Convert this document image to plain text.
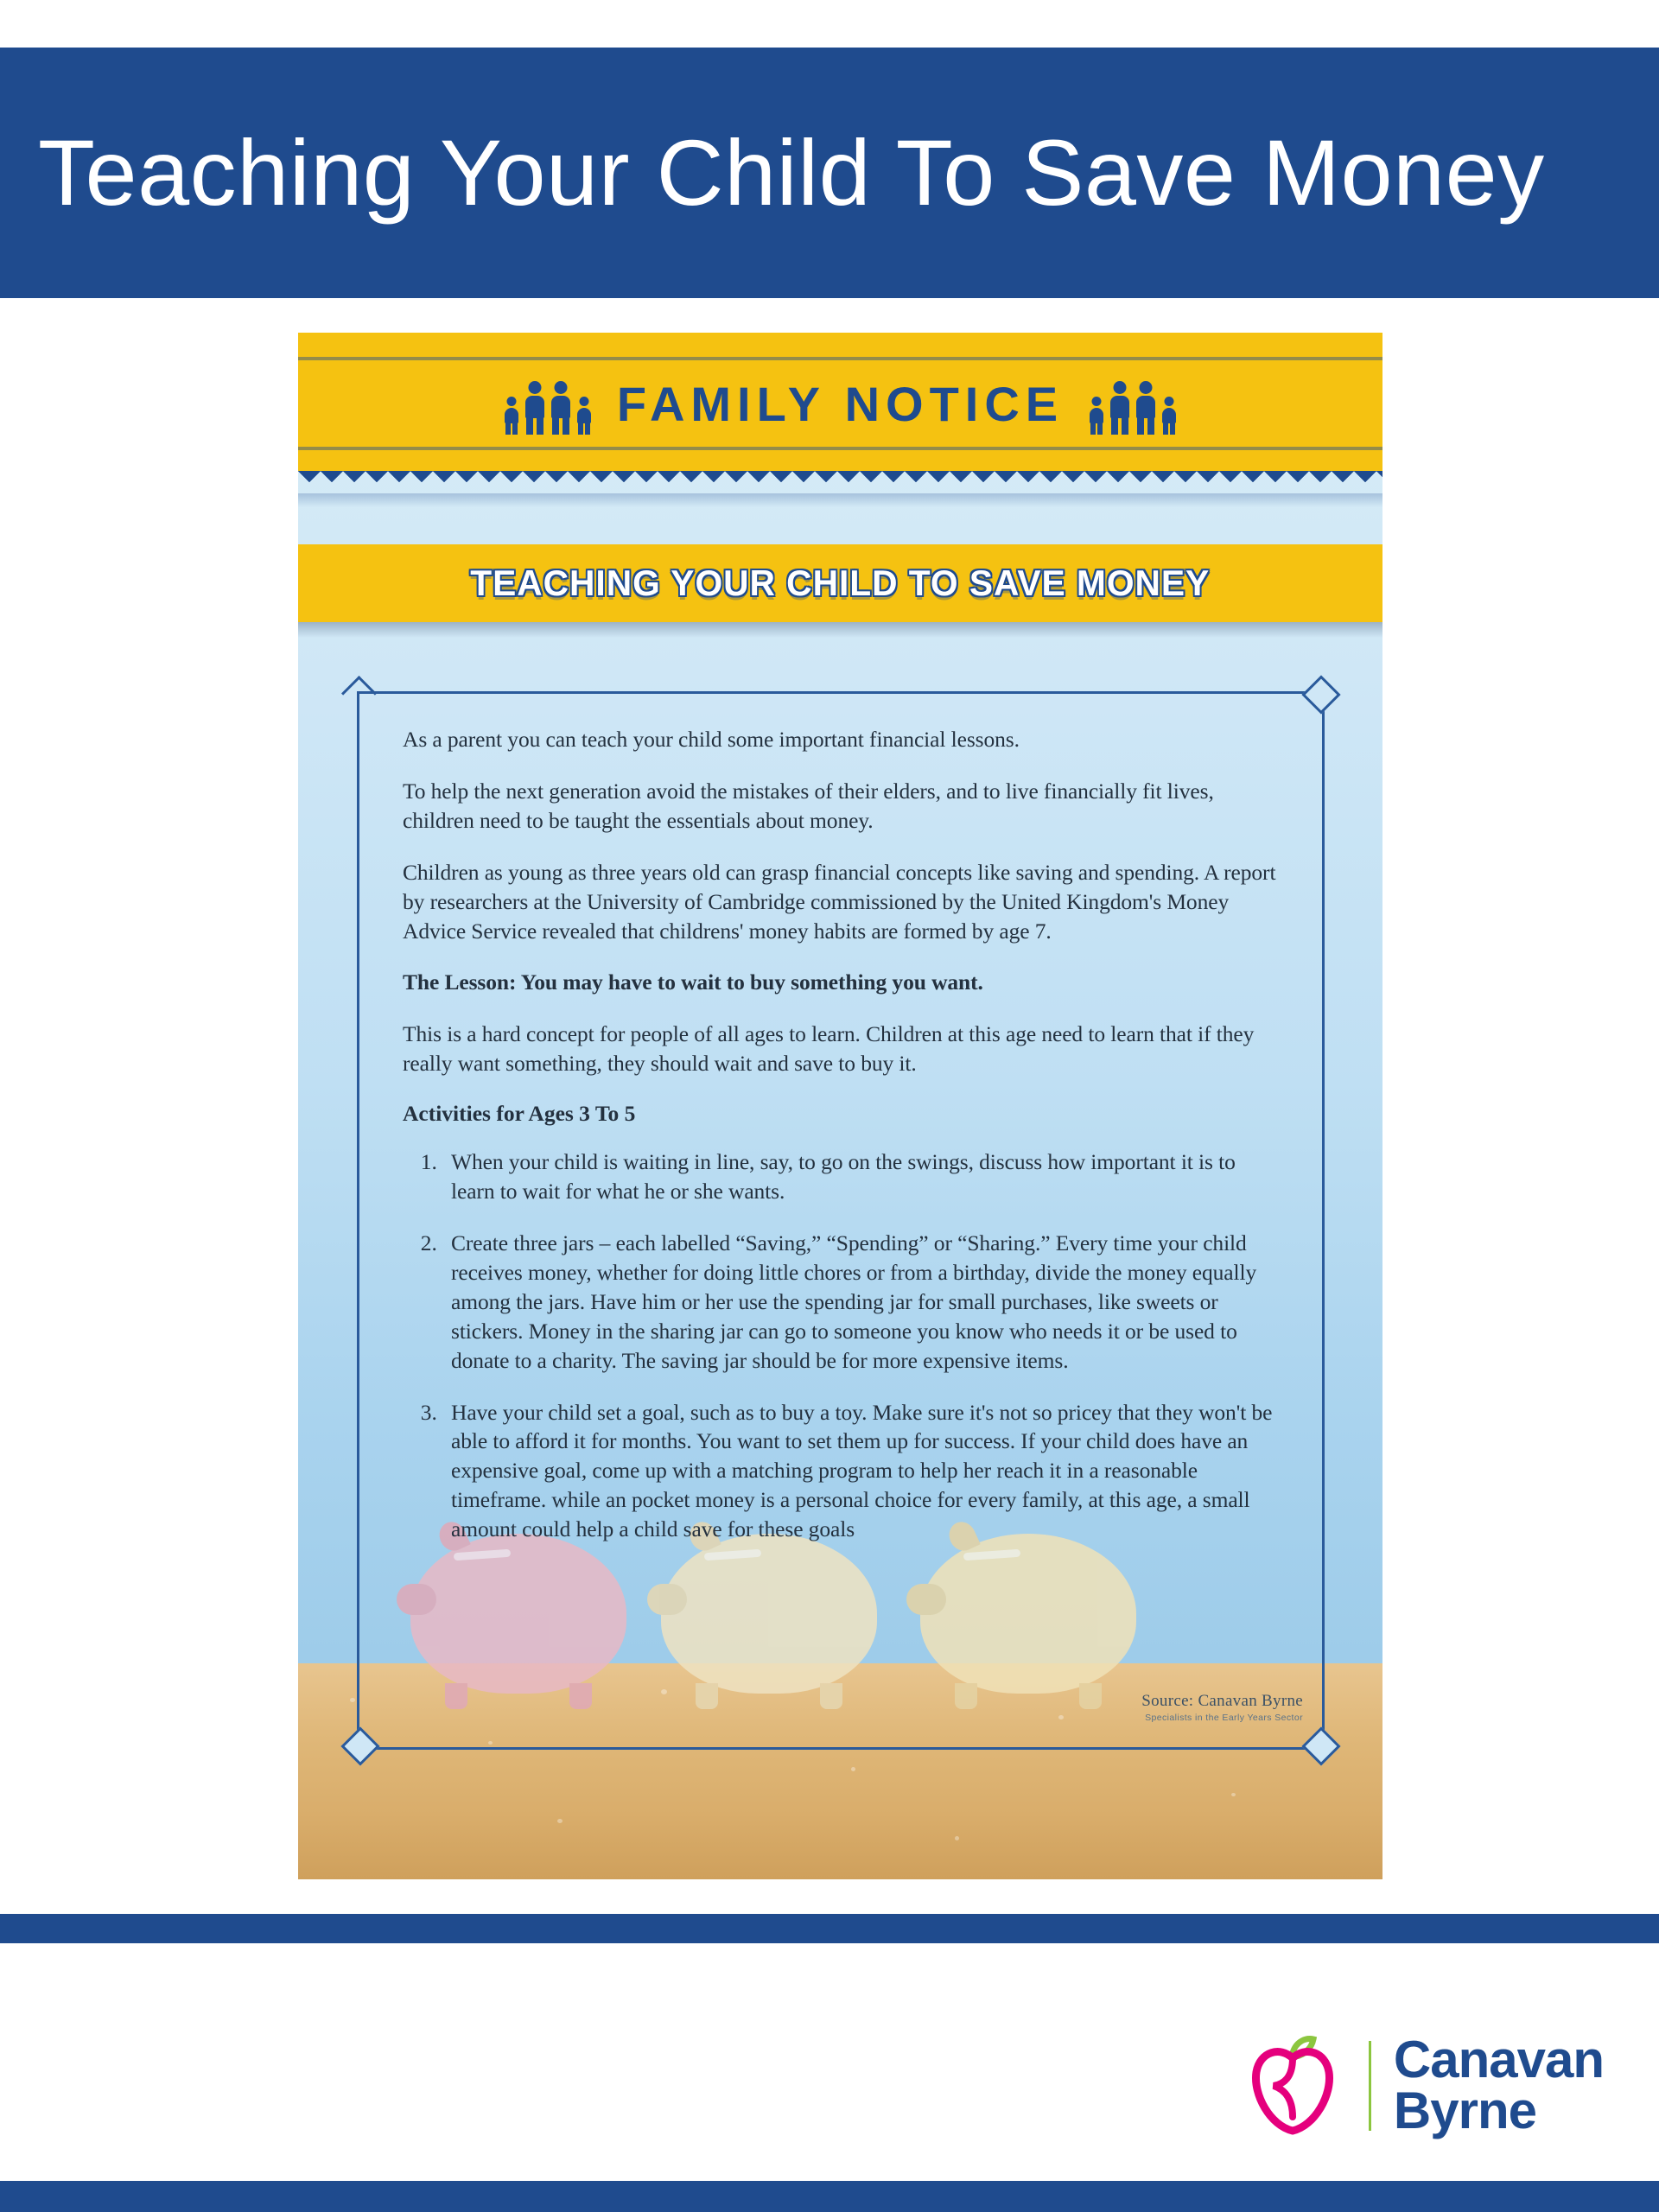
Teaching Your Child To Save Money
FAMILY NOTICE
TEACHING YOUR CHILD TO SAVE MONEY

As a parent you can teach your child some important financial lessons.

To help the next generation avoid the mistakes of their elders, and to live financially fit lives, children need to be taught the essentials about money.

Children as young as three years old can grasp financial concepts like saving and spending. A report by researchers at the University of Cambridge commissioned by the United Kingdom's Money Advice Service revealed that childrens' money habits are formed by age 7.

The Lesson: You may have to wait to buy something you want.

This is a hard concept for people of all ages to learn. Children at this age need to learn that if they really want something, they should wait and save to buy it.

Activities for Ages 3 To 5
1. When your child is waiting in line, say, to go on the swings, discuss how important it is to learn to wait for what he or she wants.
2. Create three jars – each labelled “Saving,” “Spending” or “Sharing.” Every time your child receives money, whether for doing little chores or from a birthday, divide the money equally among the jars. Have him or her use the spending jar for small purchases, like sweets or stickers. Money in the sharing jar can go to someone you know who needs it or be used to donate to a charity. The saving jar should be for more expensive items.
3. Have your child set a goal, such as to buy a toy. Make sure it's not so pricey that they won't be able to afford it for months. You want to set them up for success. If your child does have an expensive goal, come up with a matching program to help her reach it in a reasonable timeframe. while an pocket money is a personal choice for every family, at this age, a small amount could help a child save for these goals
Source: Canavan Byrne
Specialists in the Early Years Sector
Canavan
Byrne
